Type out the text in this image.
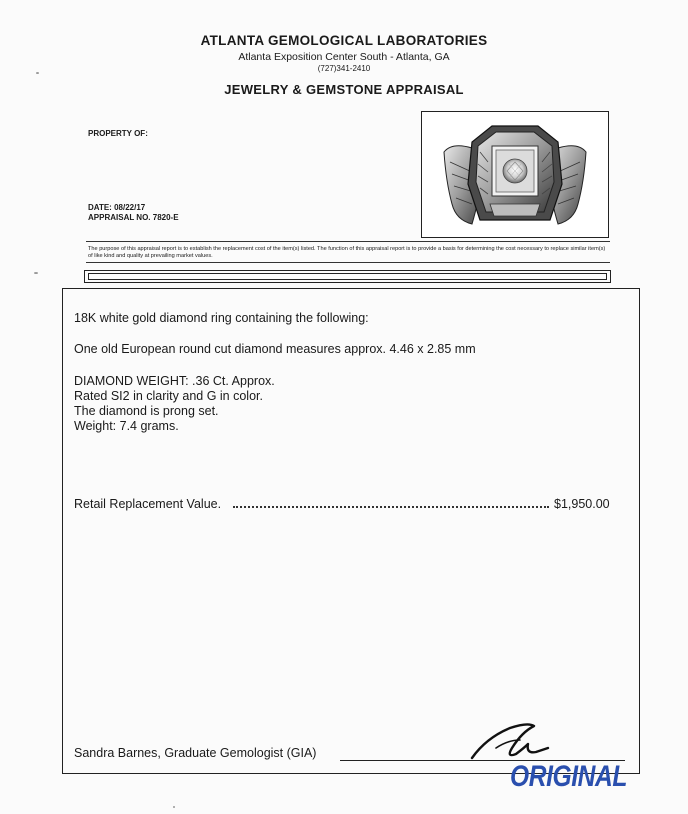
ATLANTA GEMOLOGICAL LABORATORIES
Atlanta Exposition Center South - Atlanta, GA
(727)341-2410
JEWELRY & GEMSTONE APPRAISAL
PROPERTY OF:
DATE: 08/22/17
APPRAISAL NO. 7820-E
The purpose of this appraisal report is to establish the replacement cost of the item(s) listed. The function of this appraisal report is to provide a basis for determining the cost necessary to replace similar item(s) of like kind and quality at prevailing market values.
18K white gold diamond ring containing the following:
One old European round cut diamond measures approx. 4.46 x 2.85 mm
DIAMOND WEIGHT: .36 Ct. Approx.
Rated SI2 in clarity and G in color.
The diamond is prong set.
Weight: 7.4 grams.
Retail Replacement Value.	$1,950.00
Sandra Barnes, Graduate Gemologist (GIA)
ORIGINAL
